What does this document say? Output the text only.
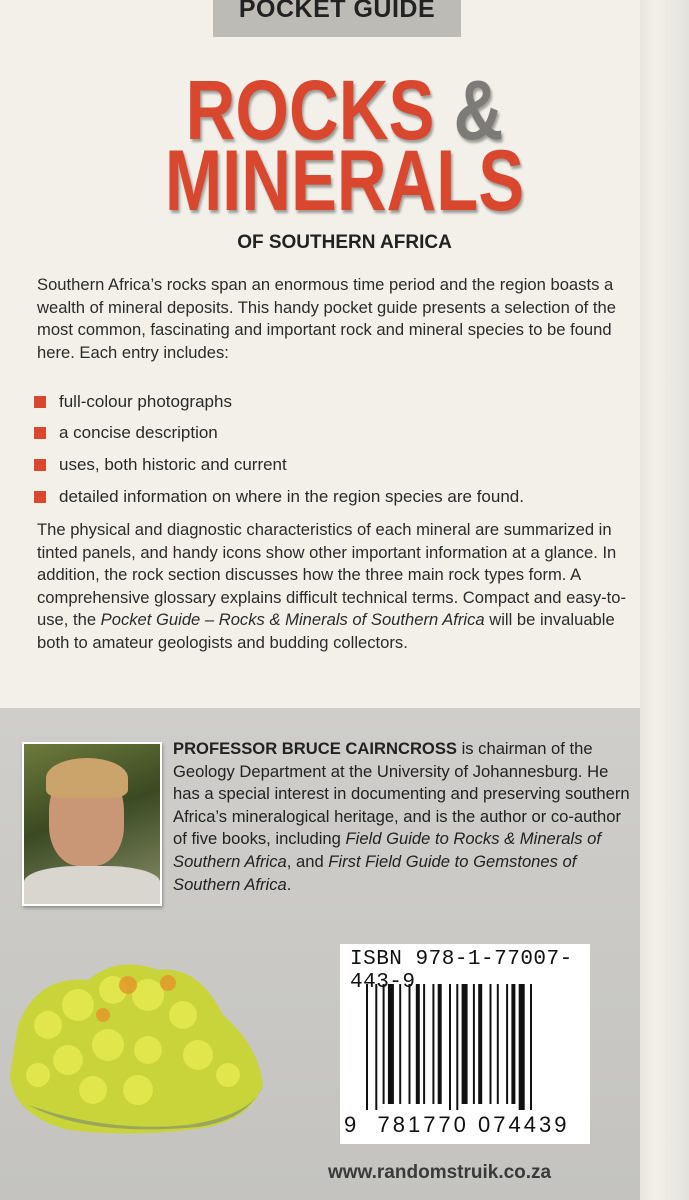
POCKET GUIDE
ROCKS &
MINERALS
OF SOUTHERN AFRICA
Southern Africa’s rocks span an enormous time period and the region boasts a wealth of mineral deposits. This handy pocket guide presents a selection of the most common, fascinating and important rock and mineral species to be found here. Each entry includes:
full-colour photographs
a concise description
uses, both historic and current
detailed information on where in the region species are found.
The physical and diagnostic characteristics of each mineral are summarized in tinted panels, and handy icons show other important information at a glance. In addition, the rock section discusses how the three main rock types form. A comprehensive glossary explains difficult technical terms. Compact and easy-to-use, the Pocket Guide – Rocks & Minerals of Southern Africa will be invaluable both to amateur geologists and budding collectors.
PROFESSOR BRUCE CAIRNCROSS is chairman of the Geology Department at the University of Johannesburg. He has a special interest in documenting and preserving southern Africa’s mineralogical heritage, and is the author or co-author of five books, including Field Guide to Rocks & Minerals of Southern Africa, and First Field Guide to Gemstones of Southern Africa.
ISBN 978-1-77007-443-9
9 781770 074439
www.randomstruik.co.za
